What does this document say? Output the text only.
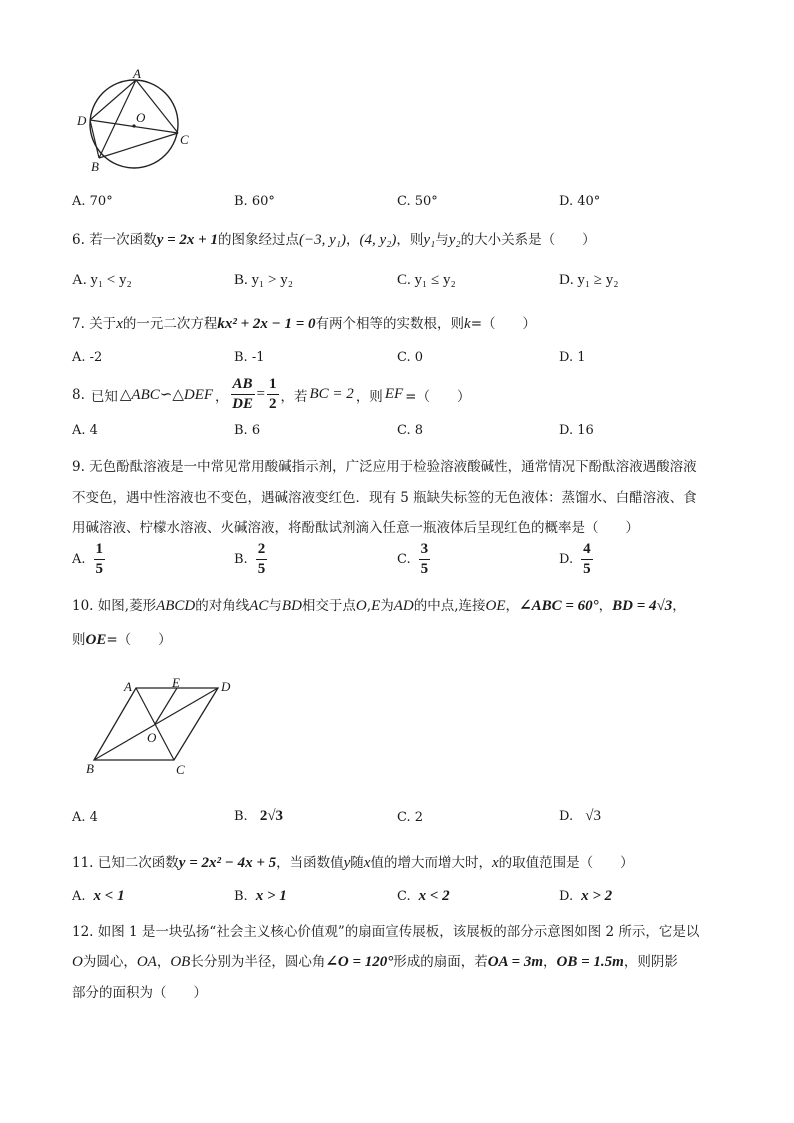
A
D	O
C
B
A. 70°	B. 60°	C. 50°	D. 40°
6. 若一次函数y = 2x + 1的图象经过点(−3, y₁)，(4, y₂)，则y₁与y₂的大小关系是（　　）
A. y₁ < y₂	B. y₁ > y₂	C. y₁ ≤ y₂	D. y₁ ≥ y₂
7. 关于x的一元二次方程kx² + 2x − 1 = 0有两个相等的实数根，则k=（　　）
A. -2	B. -1	C. 0	D. 1
8. 已知 △ABC∽△DEF ， $\frac{AB}{DE} = \frac{1}{2}$ ，若 BC = 2 ，则 EF =（　　）
A. 4	B. 6	C. 8	D. 16
9. 无色酚酞溶液是一中常见常用酸碱指示剂，广泛应用于检验溶液酸碱性，通常情况下酚酞溶液遇酸溶液
不变色，遇中性溶液也不变色，遇碱溶液变红色．现有 5 瓶缺失标签的无色液体：蒸馏水、白醋溶液、食
用碱溶液、柠檬水溶液、火碱溶液，将酚酞试剂滴入任意一瓶液体后呈现红色的概率是（　　）
A. $\frac{1}{5}$	B. $\frac{2}{5}$	C. $\frac{3}{5}$	D. $\frac{4}{5}$
10. 如图,菱形ABCD的对角线AC与BD相交于点O,E为AD的中点,连接OE，∠ABC = 60°，BD = 4√3，
则OE=（　　）
A	E	D
O
B	C
A. 4	B. 2√3	C. 2	D. √3
11. 已知二次函数y = 2x² − 4x + 5，当函数值y随x值的增大而增大时，x的取值范围是（　　）
A. x < 1	B. x > 1	C. x < 2	D. x > 2
12. 如图 1 是一块弘扬“社会主义核心价值观”的扇面宣传展板，该展板的部分示意图如图 2 所示，它是以
O为圆心，OA，OB长分别为半径，圆心角∠O = 120°形成的扇面，若OA = 3m，OB = 1.5m，则阴影
部分的面积为（　　）
